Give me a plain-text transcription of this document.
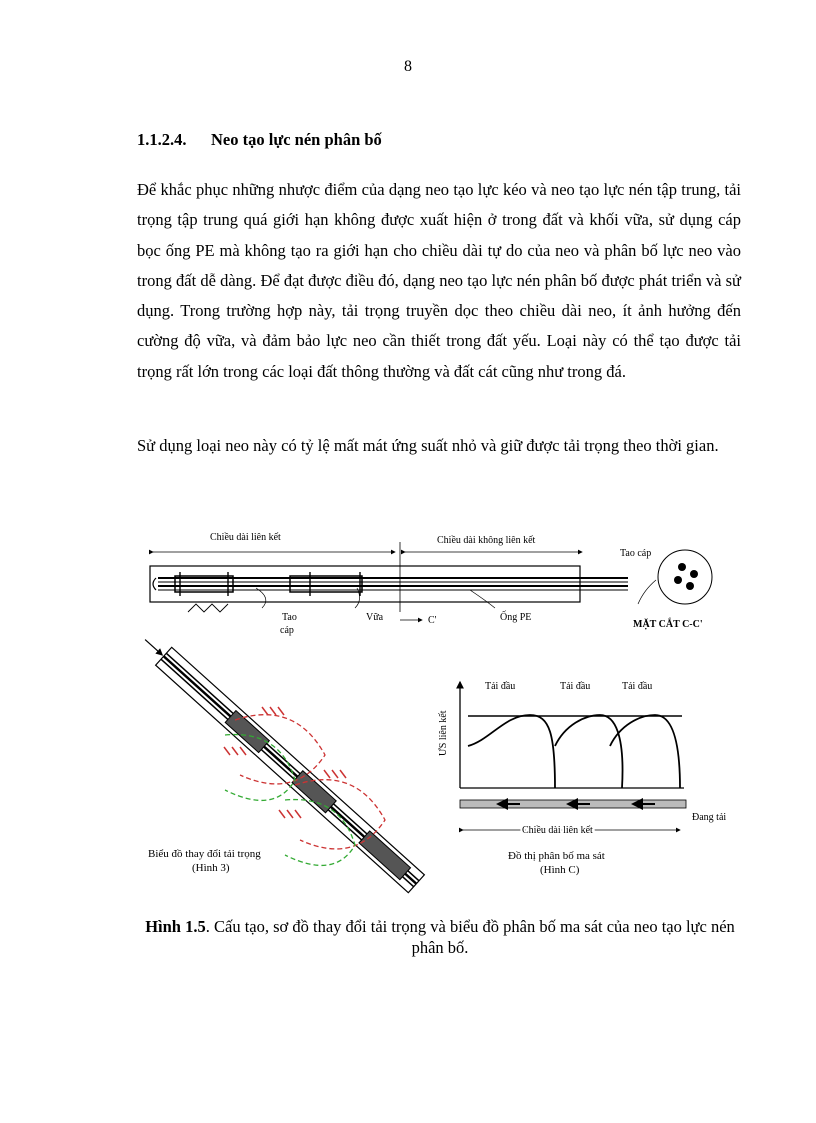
8
1.1.2.4. Neo tạo lực nén phân bố

Để khắc phục những nhược điểm của dạng neo tạo lực kéo và neo tạo lực nén tập trung, tải trọng tập trung quá giới hạn không được xuất hiện ở trong đất và khối vữa, sử dụng cáp bọc ống PE mà không tạo ra giới hạn cho chiều dài tự do của neo và phân bố lực neo vào trong đất dễ dàng. Để đạt được điều đó, dạng neo tạo lực nén phân bố được phát triển và sử dụng. Trong trường hợp này, tải trọng truyền dọc theo chiều dài neo, ít ảnh hưởng đến cường độ vữa, và đảm bảo lực neo cần thiết trong đất yếu. Loại này có thể tạo được tải trọng rất lớn trong các loại đất thông thường và đất cát cũng như trong đá.

Sử dụng loại neo này có tỷ lệ mất mát ứng suất nhỏ và giữ được tải trọng theo thời gian.

Chiều dài liên kết	Chiều dài không liên kết
Tao
cáp
Vữa	C'	Ống PE
Tao cáp
MẶT CẮT C-C'
Biểu đồ thay đổi tải trọng
(Hình 3)
Tải đầu	Tải đầu	Tải đầu
ƯS liên kết
Đang tải
Chiều dài liên kết
Đồ thị phân bố ma sát
(Hình C)
Hình 1.5. Cấu tạo, sơ đồ thay đổi tải trọng và biểu đồ phân bố ma sát của neo tạo lực nén phân bố.
